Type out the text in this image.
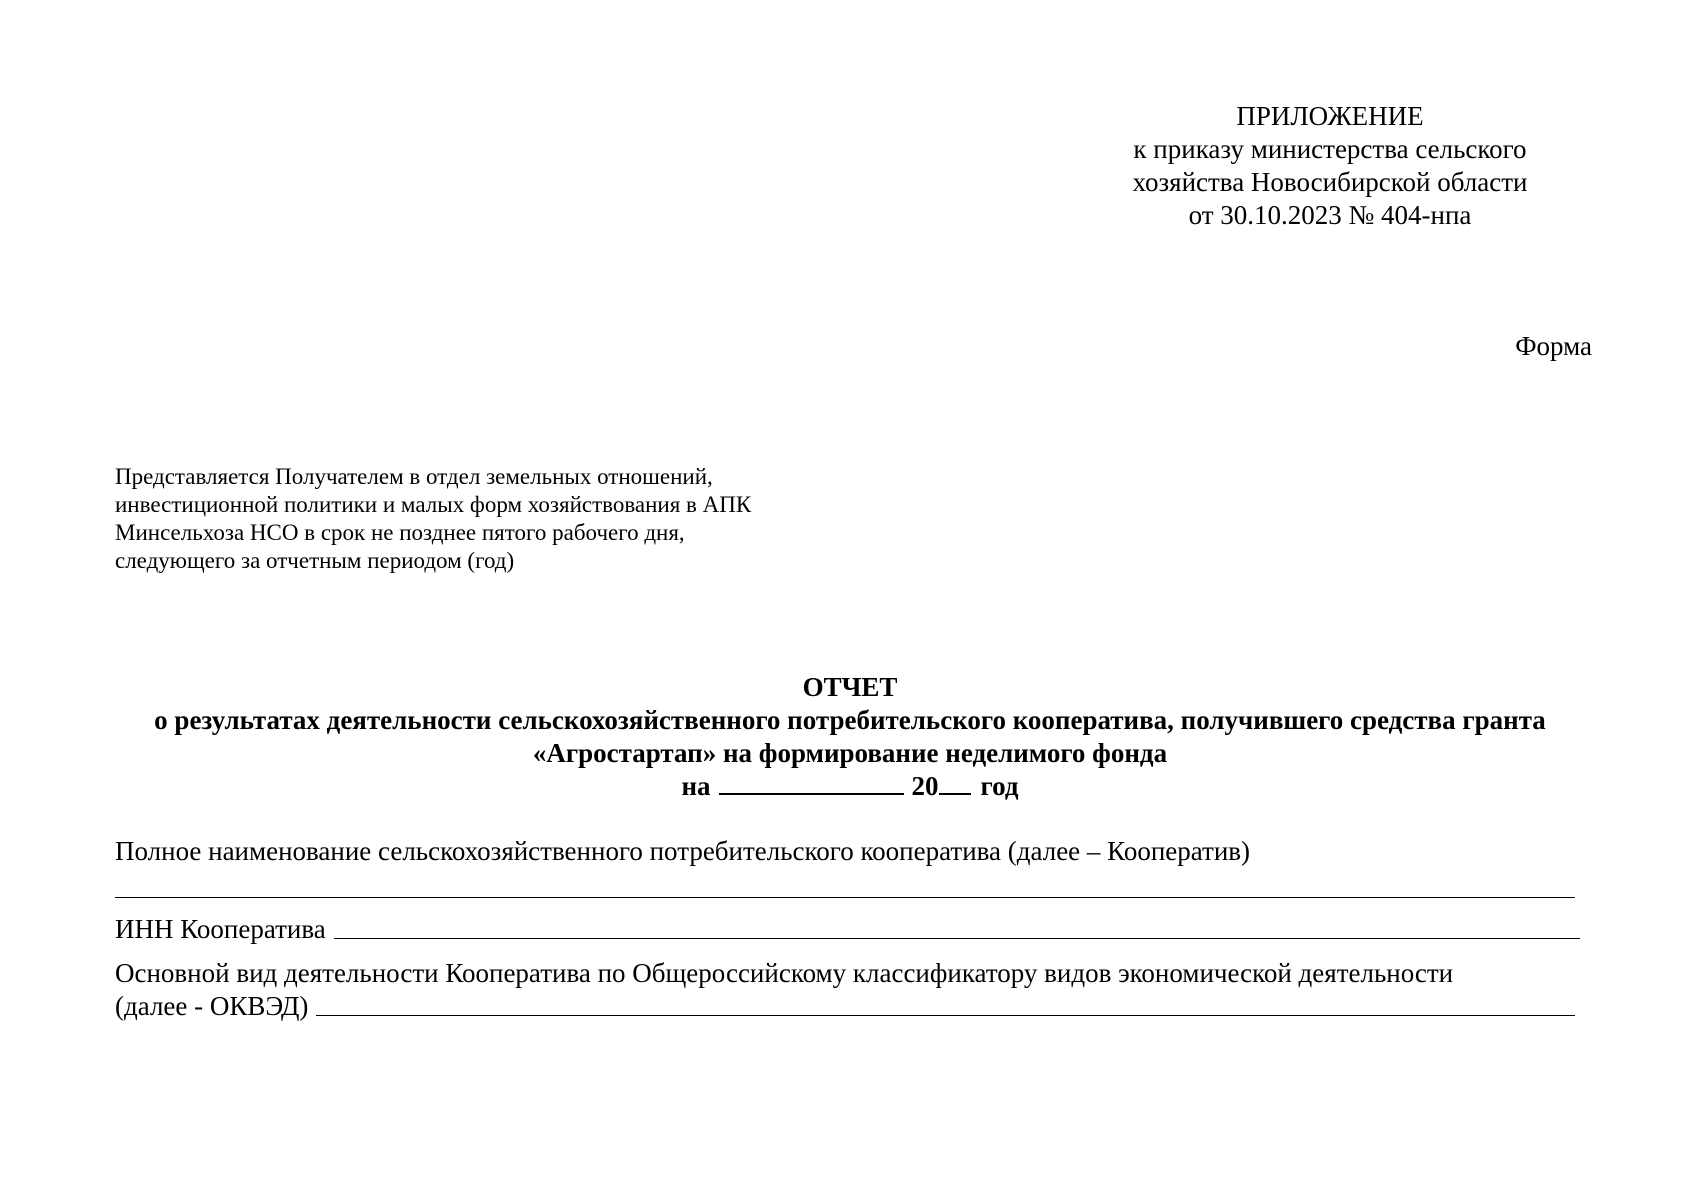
ПРИЛОЖЕНИЕ
к приказу министерства сельского
хозяйства Новосибирской области
от 30.10.2023 № 404-нпа
Форма
Представляется Получателем в отдел земельных отношений,
инвестиционной политики и малых форм хозяйствования в АПК
Минсельхоза НСО в срок не позднее пятого рабочего дня,
следующего за отчетным периодом (год)
ОТЧЕТ
о результатах деятельности сельскохозяйственного потребительского кооператива, получившего средства гранта
«Агростартап» на формирование неделимого фонда
на	20 год
Полное наименование сельскохозяйственного потребительского кооператива (далее – Кооператив)
ИНН Кооператива
Основной вид деятельности Кооператива по Общероссийскому классификатору видов экономической деятельности
(далее - ОКВЭД)
